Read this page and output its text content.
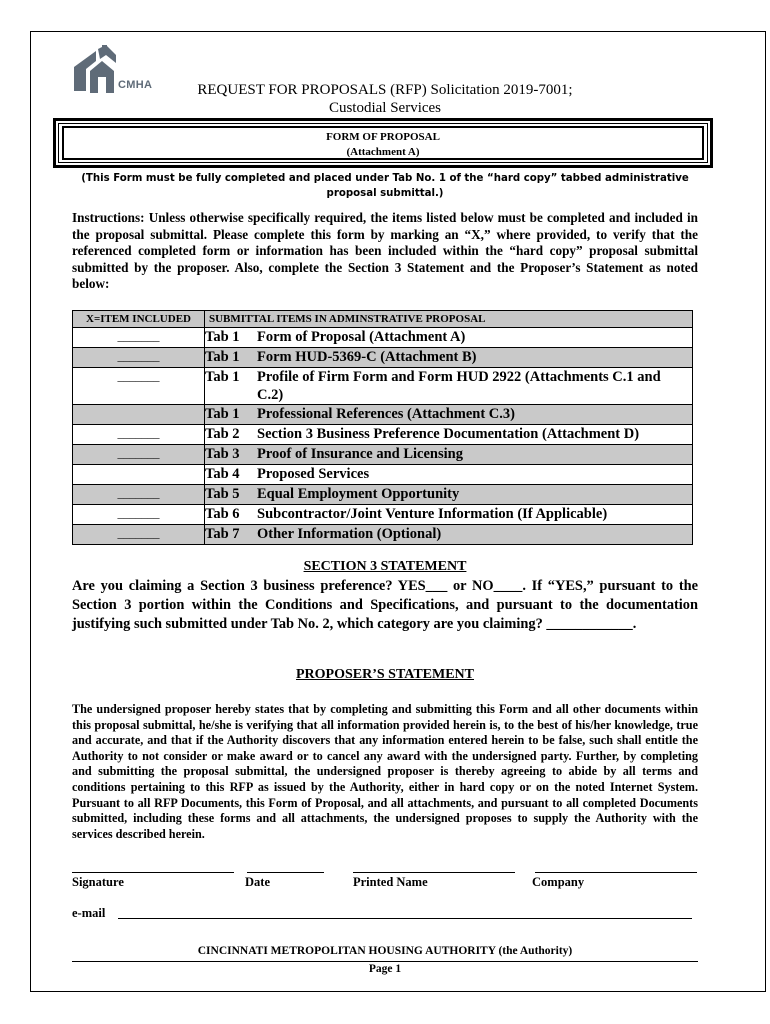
CMHA	REQUEST FOR PROPOSALS (RFP) Solicitation 2019-7001;
Custodial Services
FORM OF PROPOSAL
(Attachment A)
(This Form must be fully completed and placed under Tab No. 1 of the “hard copy” tabbed administrative proposal submittal.)
Instructions: Unless otherwise specifically required, the items listed below must be completed and included in the proposal submittal. Please complete this form by marking an “X,” where provided, to verify that the referenced completed form or information has been included within the “hard copy” proposal submittal submitted by the proposer. Also, complete the Section 3 Statement and the Proposer’s Statement as noted below:
X=ITEM INCLUDED	SUBMITTAL ITEMS IN ADMINSTRATIVE PROPOSAL
_______	Tab 1 Form of Proposal (Attachment A)
_______	Tab 1 Form HUD-5369-C (Attachment B)
_______	Tab 1 Profile of Firm Form and Form HUD 2922 (Attachments C.1 and C.2)
	Tab 1 Professional References (Attachment C.3)
_______	Tab 2 Section 3 Business Preference Documentation (Attachment D)
_______	Tab 3 Proof of Insurance and Licensing
	Tab 4 Proposed Services
_______	Tab 5 Equal Employment Opportunity
_______	Tab 6 Subcontractor/Joint Venture Information (If Applicable)
_______	Tab 7 Other Information (Optional)
SECTION 3 STATEMENT
Are you claiming a Section 3 business preference? YES___ or NO____. If “YES,” pursuant to the Section 3 portion within the Conditions and Specifications, and pursuant to the documentation justifying such submitted under Tab No. 2, which category are you claiming? ____________.
PROPOSER’S STATEMENT
The undersigned proposer hereby states that by completing and submitting this Form and all other documents within this proposal submittal, he/she is verifying that all information provided herein is, to the best of his/her knowledge, true and accurate, and that if the Authority discovers that any information entered herein to be false, such shall entitle the Authority to not consider or make award or to cancel any award with the undersigned party. Further, by completing and submitting the proposal submittal, the undersigned proposer is thereby agreeing to abide by all terms and conditions pertaining to this RFP as issued by the Authority, either in hard copy or on the noted Internet System. Pursuant to all RFP Documents, this Form of Proposal, and all attachments, and pursuant to all completed Documents submitted, including these forms and all attachments, the undersigned proposes to supply the Authority with the services described herein.
Signature	Date	Printed Name	Company
e-mail
CINCINNATI METROPOLITAN HOUSING AUTHORITY (the Authority)
Page 1
